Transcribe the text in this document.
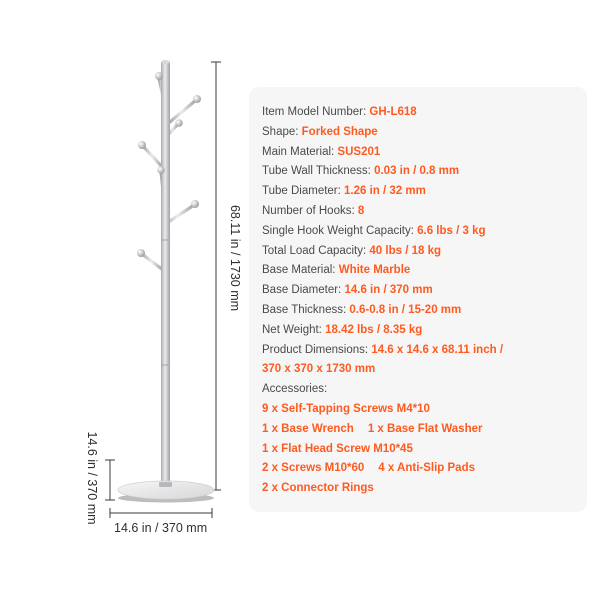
68.11 in / 1730 mm
14.6 in / 370 mm
14.6 in / 370 mm
Item Model Number: GH-L618
Shape: Forked Shape
Main Material: SUS201
Tube Wall Thickness: 0.03 in / 0.8 mm
Tube Diameter: 1.26 in / 32 mm
Number of Hooks: 8
Single Hook Weight Capacity: 6.6 lbs / 3 kg
Total Load Capacity: 40 lbs / 18 kg
Base Material: White Marble
Base Diameter: 14.6 in / 370 mm
Base Thickness: 0.6-0.8 in / 15-20 mm
Net Weight: 18.42 lbs / 8.35 kg
Product Dimensions: 14.6 x 14.6 x 68.11 inch /
370 x 370 x 1730 mm
Accessories:
9 x Self-Tapping Screws M4*10
1 x Base Wrench 1 x Base Flat Washer
1 x Flat Head Screw M10*45
2 x Screws M10*60 4 x Anti-Slip Pads
2 x Connector Rings
